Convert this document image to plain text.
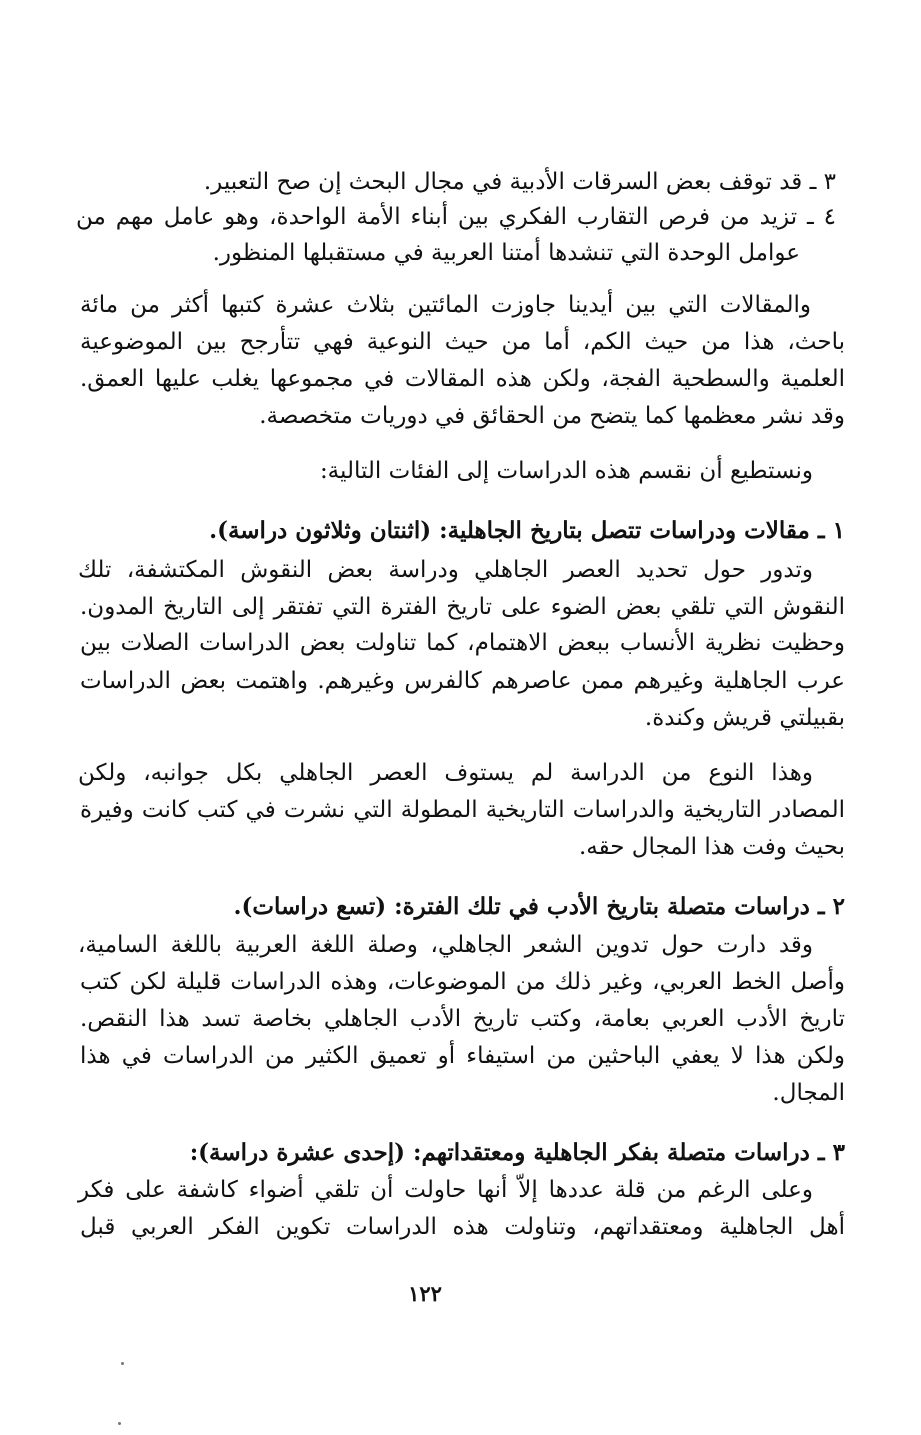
٣ ـ قد توقف بعض السرقات الأدبية في مجال البحث إن صح التعبير.
٤ ـ تزيد من فرص التقارب الفكري بين أبناء الأمة الواحدة، وهو عامل مهم من
عوامل الوحدة التي تنشدها أمتنا العربية في مستقبلها المنظور.
والمقالات التي بين أيدينا جاوزت المائتين بثلاث عشرة كتبها أكثر من مائة
باحث، هذا من حيث الكم، أما من حيث النوعية فهي تتأرجح بين الموضوعية
العلمية والسطحية الفجة، ولكن هذه المقالات في مجموعها يغلب عليها العمق.
وقد نشر معظمها كما يتضح من الحقائق في دوريات متخصصة.
ونستطيع أن نقسم هذه الدراسات إلى الفئات التالية:
١ ـ مقالات ودراسات تتصل بتاريخ الجاهلية: (اثنتان وثلاثون دراسة).
وتدور حول تحديد العصر الجاهلي ودراسة بعض النقوش المكتشفة، تلك
النقوش التي تلقي بعض الضوء على تاريخ الفترة التي تفتقر إلى التاريخ المدون.
وحظيت نظرية الأنساب ببعض الاهتمام، كما تناولت بعض الدراسات الصلات بين
عرب الجاهلية وغيرهم ممن عاصرهم كالفرس وغيرهم. واهتمت بعض الدراسات
بقبيلتي قريش وكندة.
وهذا النوع من الدراسة لم يستوف العصر الجاهلي بكل جوانبه، ولكن
المصادر التاريخية والدراسات التاريخية المطولة التي نشرت في كتب كانت وفيرة
بحيث وفت هذا المجال حقه.
٢ ـ دراسات متصلة بتاريخ الأدب في تلك الفترة: (تسع دراسات).
وقد دارت حول تدوين الشعر الجاهلي، وصلة اللغة العربية باللغة السامية،
وأصل الخط العربي، وغير ذلك من الموضوعات، وهذه الدراسات قليلة لكن كتب
تاريخ الأدب العربي بعامة، وكتب تاريخ الأدب الجاهلي بخاصة تسد هذا النقص.
ولكن هذا لا يعفي الباحثين من استيفاء أو تعميق الكثير من الدراسات في هذا
المجال.
٣ ـ دراسات متصلة بفكر الجاهلية ومعتقداتهم: (إحدى عشرة دراسة):
وعلى الرغم من قلة عددها إلاّ أنها حاولت أن تلقي أضواء كاشفة على فكر
أهل الجاهلية ومعتقداتهم، وتناولت هذه الدراسات تكوين الفكر العربي قبل
١٢٢
